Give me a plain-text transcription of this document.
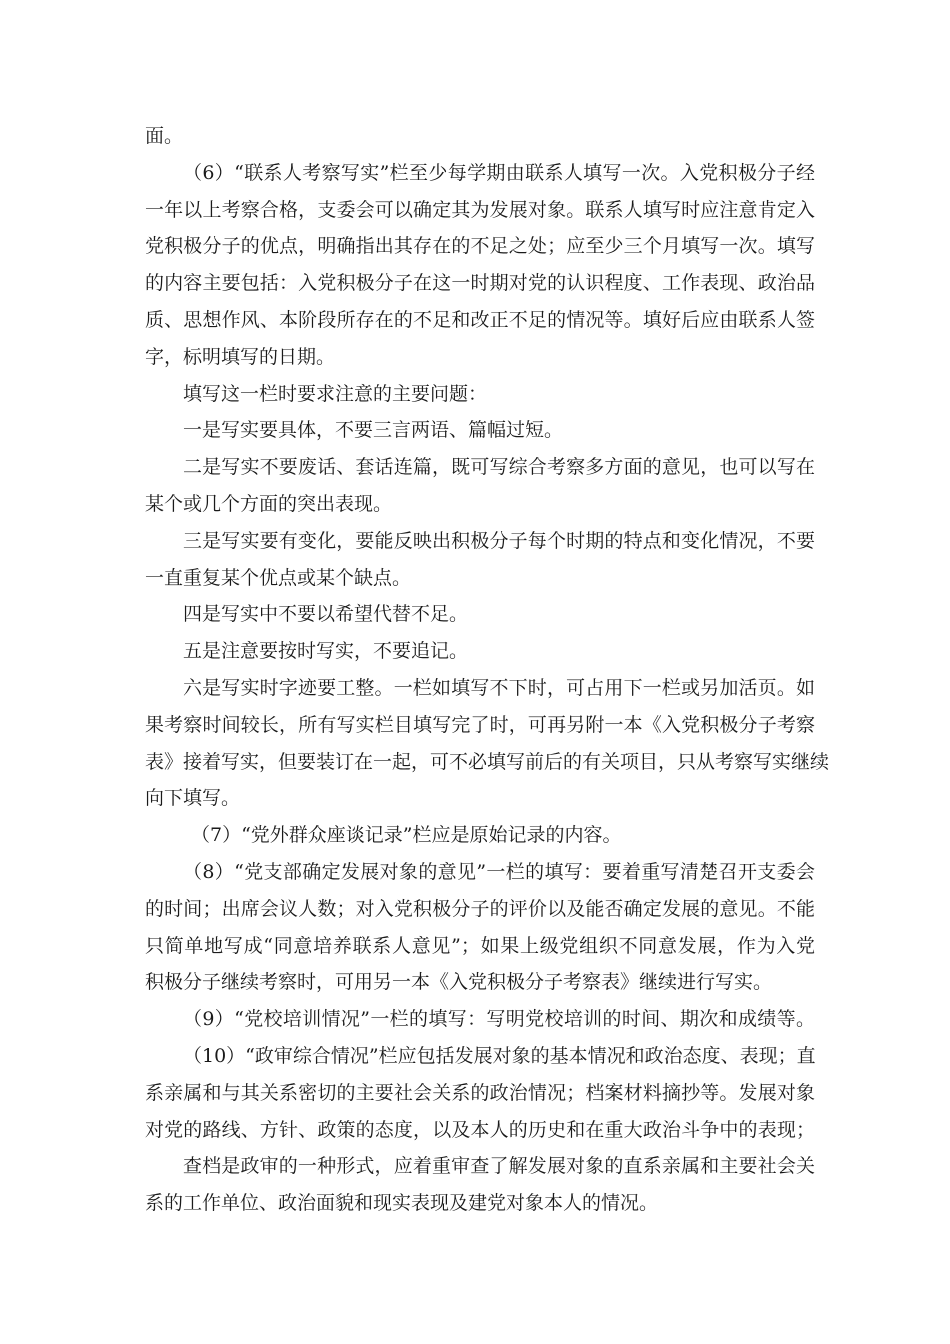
面。
（6）“联系人考察写实”栏至少每学期由联系人填写一次。入党积极分子经
一年以上考察合格，支委会可以确定其为发展对象。联系人填写时应注意肯定入
党积极分子的优点，明确指出其存在的不足之处；应至少三个月填写一次。填写
的内容主要包括：入党积极分子在这一时期对党的认识程度、工作表现、政治品
质、思想作风、本阶段所存在的不足和改正不足的情况等。填好后应由联系人签
字，标明填写的日期。
填写这一栏时要求注意的主要问题：
一是写实要具体，不要三言两语、篇幅过短。
二是写实不要废话、套话连篇，既可写综合考察多方面的意见，也可以写在
某个或几个方面的突出表现。
三是写实要有变化，要能反映出积极分子每个时期的特点和变化情况，不要
一直重复某个优点或某个缺点。
四是写实中不要以希望代替不足。
五是注意要按时写实，不要追记。
六是写实时字迹要工整。一栏如填写不下时，可占用下一栏或另加活页。如
果考察时间较长，所有写实栏目填写完了时，可再另附一本《入党积极分子考察
表》接着写实，但要装订在一起，可不必填写前后的有关项目，只从考察写实继续
向下填写。
（7）“党外群众座谈记录”栏应是原始记录的内容。
（8）“党支部确定发展对象的意见”一栏的填写：要着重写清楚召开支委会
的时间；出席会议人数；对入党积极分子的评价以及能否确定发展的意见。不能
只简单地写成“同意培养联系人意见”；如果上级党组织不同意发展，作为入党
积极分子继续考察时，可用另一本《入党积极分子考察表》继续进行写实。
（9）“党校培训情况”一栏的填写：写明党校培训的时间、期次和成绩等。
（10）“政审综合情况”栏应包括发展对象的基本情况和政治态度、表现；直
系亲属和与其关系密切的主要社会关系的政治情况；档案材料摘抄等。发展对象
对党的路线、方针、政策的态度，以及本人的历史和在重大政治斗争中的表现；
查档是政审的一种形式，应着重审查了解发展对象的直系亲属和主要社会关
系的工作单位、政治面貌和现实表现及建党对象本人的情况。
